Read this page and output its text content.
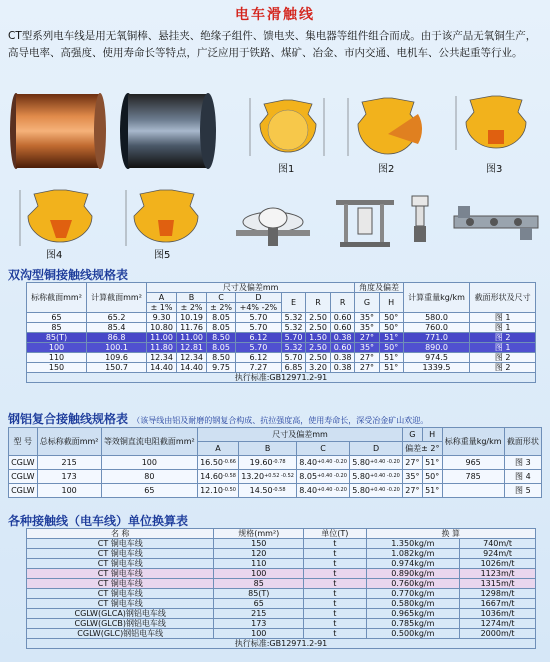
电车滑触线
CT型系列电车线是用无氧铜棒、悬挂夹、绝缘子组件、馈电夹、集电器等组件组合而成。由于该产品无氧铜生产，高导电率、高强度、使用寿命长等特点，广泛应用于铁路、煤矿、冶金、市内交通、电机车、公共起重等行业。
图1	图2	图3
图4	图5
双沟型铜接触线规格表
标称截面mm²	计算截面mm²	尺寸及偏差mm							角度及偏差		计算重量kg/km	截面形状及尺寸
		A	B	C	D	E	R	R	G	H		
		± 1%	± 2%	± 2%	+4% -2%							
65	65.2	9.30	10.19	8.05	5.70	5.32	2.50	0.60	35°	50°	580.0	图 1
85	85.4	10.80	11.76	8.05	5.70	5.32	2.50	0.60	35°	50°	760.0	图 1
85(T)	86.8	11.00	11.00	8.50	6.12	5.70	1.50	0.38	27°	51°	771.0	图 2
100	100.1	11.80	12.81	8.05	5.70	5.32	2.50	0.60	35°	50°	890.0	图 1
110	109.6	12.34	12.34	8.50	6.12	5.70	2.50	0.38	27°	51°	974.5	图 2
150	150.7	14.40	14.40	9.75	7.27	6.85	3.20	0.38	27°	51°	1339.5	图 2
执行标准:GB12971.2-91												
钢铝复合接触线规格表 （该导线由铝及耐磨的钢复合构成、抗拉强度高，使用寿命长，深受冶金矿山欢迎。
型 号	总标称截面mm²	等效铜直流电阻截面mm²	尺寸及偏差mm				G	H	标称重量kg/km	截面形状
			A	B	C	D	偏差± 2°			
CGLW	215	100	$16.50^{-0.66}$	$19.60^{-0.78}$	$8.40^{+0.40 -0.20}$	$5.80^{+0.40 -0.20}$	27°	51°	965	图 3
CGLW	173	80	$14.60^{-0.58}$	$13.20^{+0.52 -0.52}$	$8.05^{+0.40 -0.20}$	$5.80^{+0.40 -0.20}$	35°	50°	785	图 4
CGLW	100	65	$12.10^{-0.50}$	$14.50^{-0.58}$	$8.40^{+0.40 -0.20}$	$5.80^{+0.40 -0.20}$	27°	51°		图 5
各种接触线（电车线）单位换算表
名 称	规格(mm²)	单位(T)	换 算	
CT 铜电车线	150	t	1.350kg/m	740m/t
CT 铜电车线	120	t	1.082kg/m	924m/t
CT 铜电车线	110	t	0.974kg/m	1026m/t
CT 铜电车线	100	t	0.890kg/m	1123m/t
CT 铜电车线	85	t	0.760kg/m	1315m/t
CT 铜电车线	85(T)	t	0.770kg/m	1298m/t
CT 铜电车线	65	t	0.580kg/m	1667m/t
CGLW(GLCA)钢铝电车线	215	t	0.965kg/m	1036m/t
CGLW(GLCB)钢铝电车线	173	t	0.785kg/m	1274m/t
CGLW(GLC)钢铝电车线	100	t	0.500kg/m	2000m/t
执行标准:GB12971.2-91				
